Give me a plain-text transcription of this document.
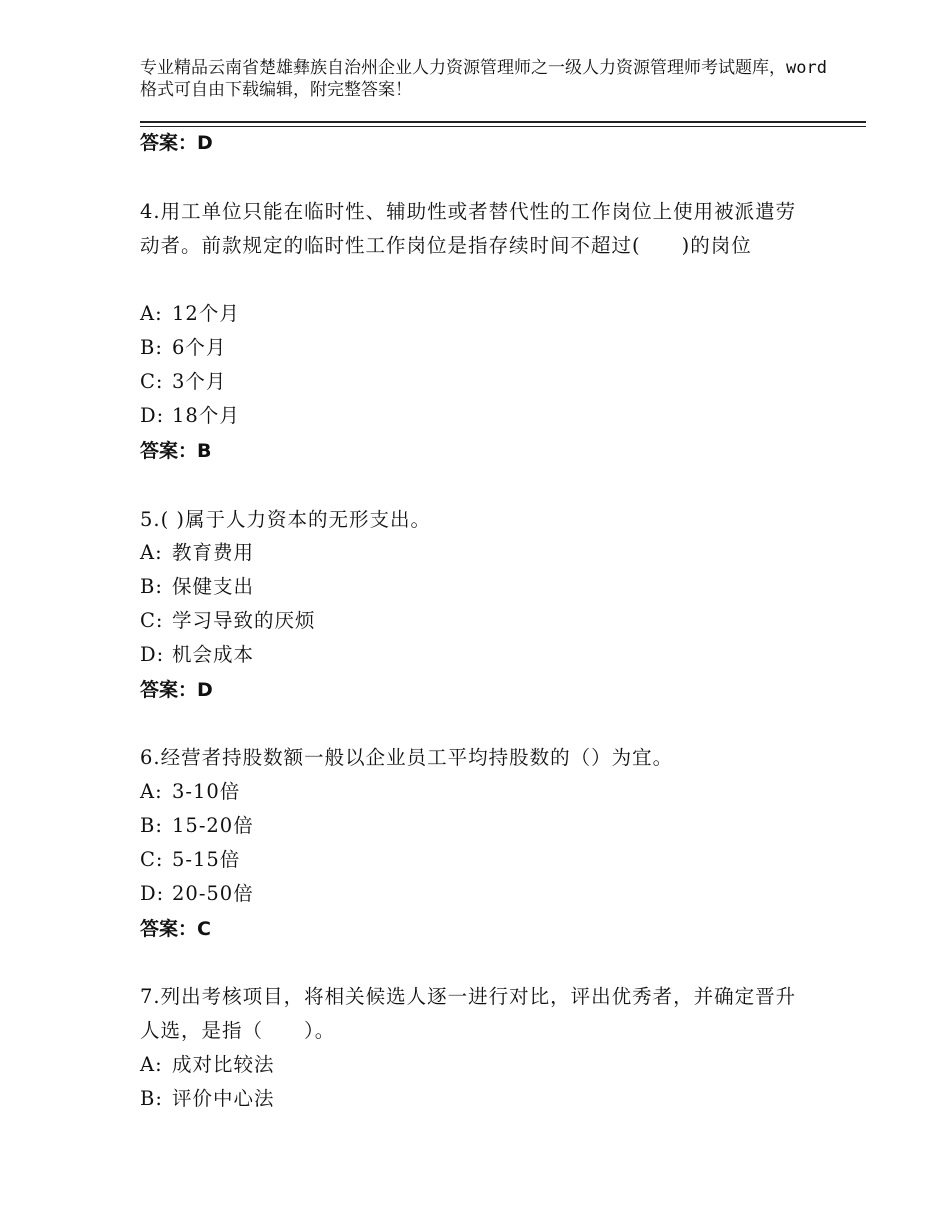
专业精品云南省楚雄彝族自治州企业人力资源管理师之一级人力资源管理师考试题库，word格式可自由下载编辑，附完整答案！
答案：D
4.用工单位只能在临时性、辅助性或者替代性的工作岗位上使用被派遣劳动者。前款规定的临时性工作岗位是指存续时间不超过(　　)的岗位
A: 12个月
B: 6个月
C: 3个月
D: 18个月
答案：B
5.( )属于人力资本的无形支出。
A: 教育费用
B: 保健支出
C: 学习导致的厌烦
D: 机会成本
答案：D
6.经营者持股数额一般以企业员工平均持股数的（）为宜。
A: 3-10倍
B: 15-20倍
C: 5-15倍
D: 20-50倍
答案：C
7.列出考核项目，将相关候选人逐一进行对比，评出优秀者，并确定晋升人选，是指（　　）。
A: 成对比较法
B: 评价中心法
